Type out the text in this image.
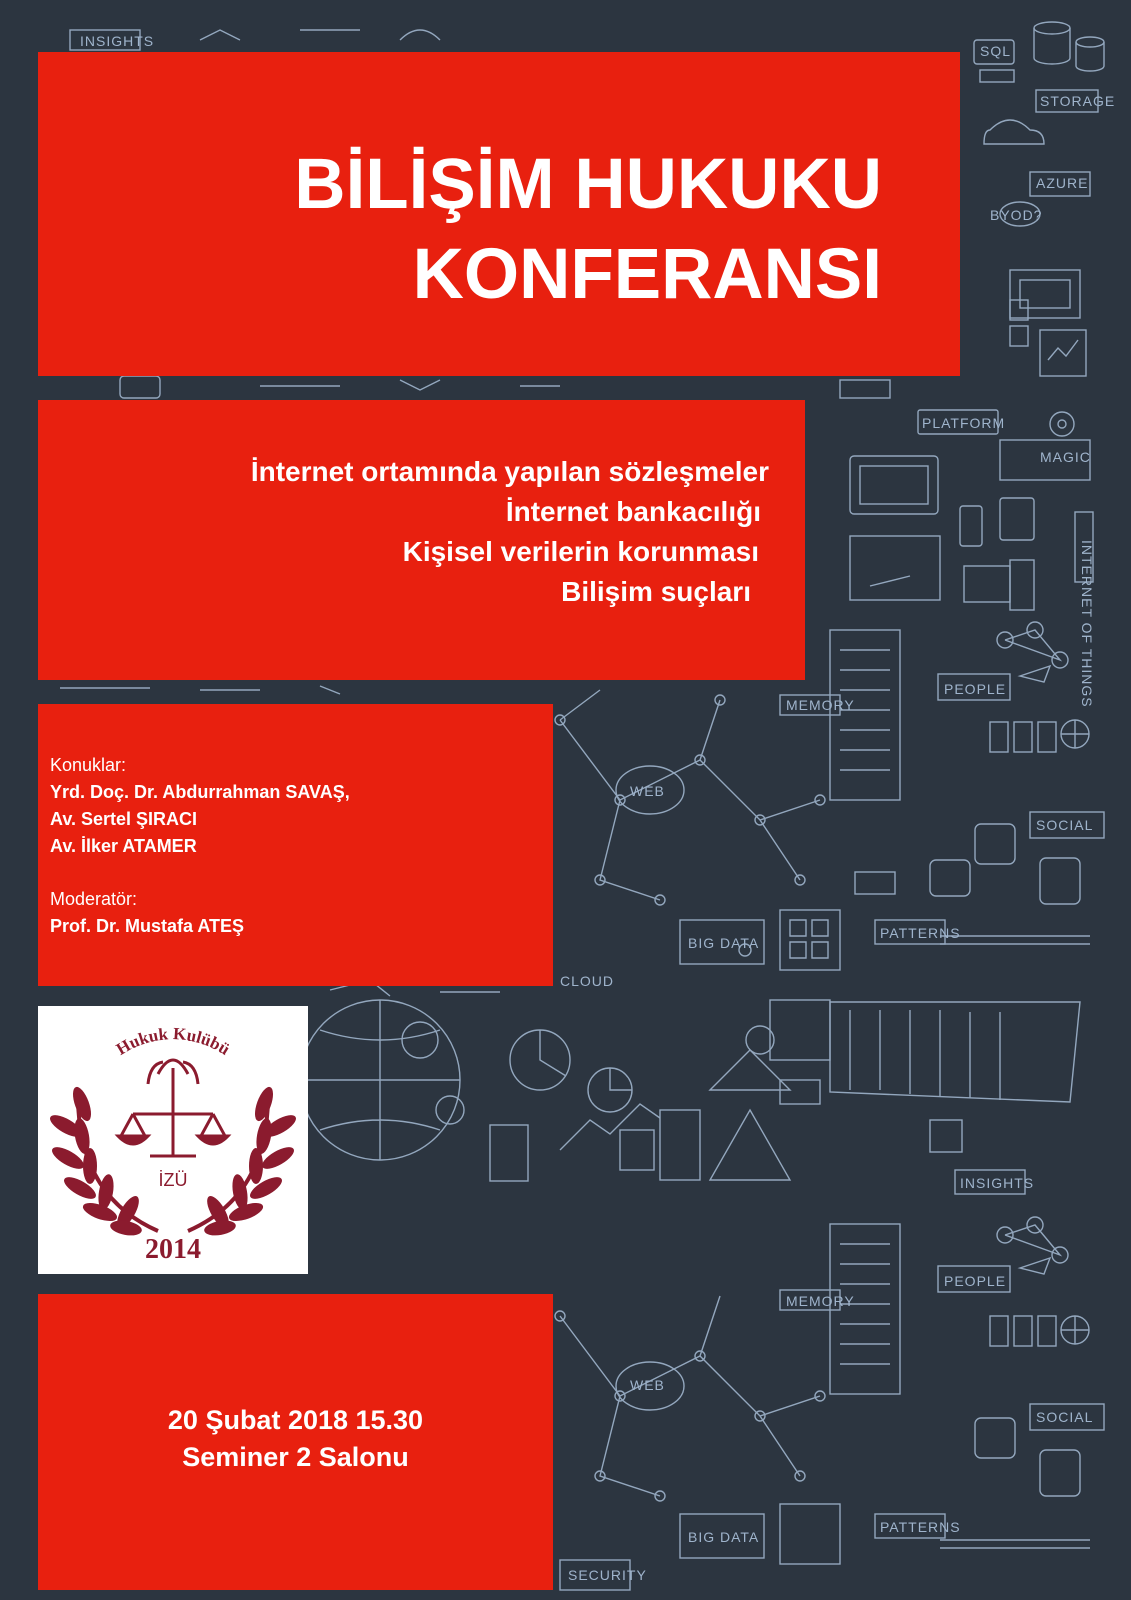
INSIGHTS
SQL
STORAGE
AZURE
BYOD?
PLATFORM
MAGIC
INTERNET OF THINGS
PEOPLE
MEMORY
WEB
SOCIAL
PATTERNS
BIG DATA
CLOUD
INSIGHTS
PEOPLE
MEMORY
WEB
SOCIAL
PATTERNS
BIG DATA
SECURITY
BİLİŞİM HUKUKU
KONFERANSI
İnternet ortamında yapılan sözleşmeler
İnternet bankacılığı
Kişisel verilerin korunması
Bilişim suçları
Konuklar:
Yrd. Doç. Dr. Abdurrahman SAVAŞ,
Av. Sertel ŞIRACI
Av. İlker ATAMER
Moderatör:
Prof. Dr. Mustafa ATEŞ
Hukuk Kulübü
İZÜ
2014
20 Şubat 2018 15.30
Seminer 2 Salonu
